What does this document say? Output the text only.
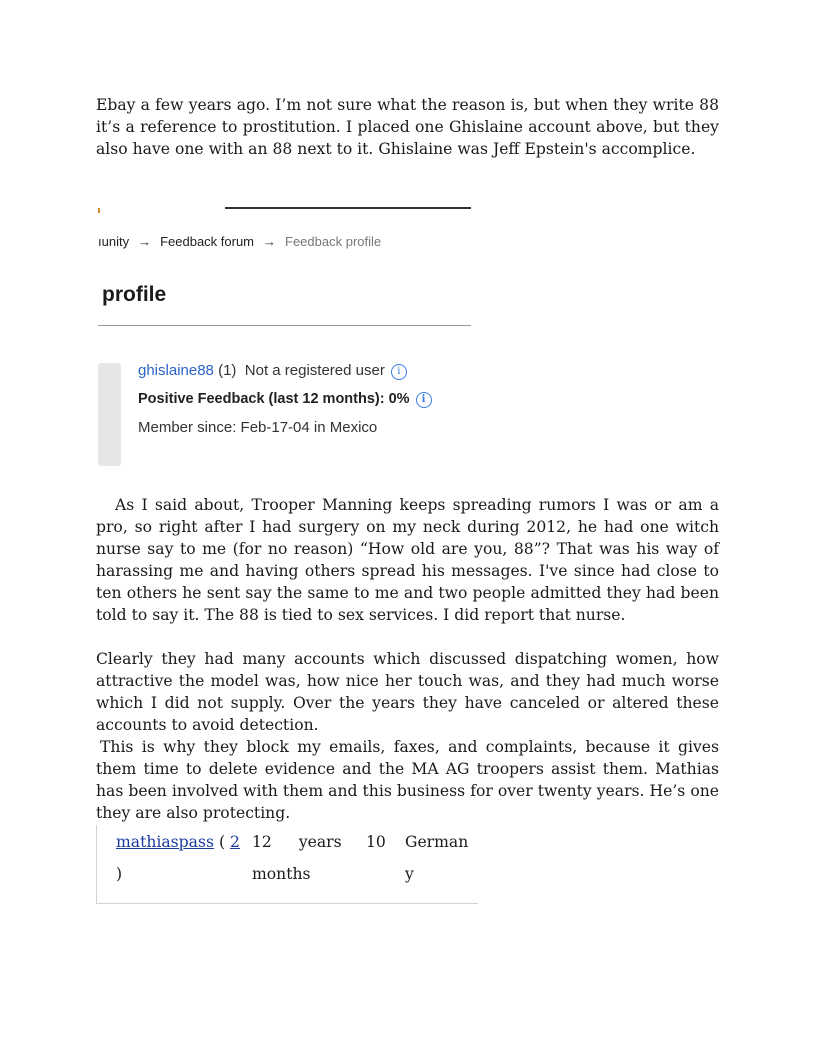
Ebay a few years ago. I’m not sure what the reason is, but when they write 88 it’s a reference to prostitution. I placed one Ghislaine account above, but they also have one with an 88 next to it. Ghislaine was Jeff Epstein's accomplice.

ıunity → Feedback forum → Feedback profile
profile
ghislaine88 (1) Not a registered user i
Positive Feedback (last 12 months): 0% i
Member since: Feb-17-04 in Mexico

As I said about, Trooper Manning keeps spreading rumors I was or am a pro, so right after I had surgery on my neck during 2012, he had one witch nurse say to me (for no reason) “How old are you, 88”? That was his way of harassing me and having others spread his messages. I've since had close to ten others he sent say the same to me and two people admitted they had been told to say it. The 88 is tied to sex services. I did report that nurse.

Clearly they had many accounts which discussed dispatching women, how attractive the model was, how nice her touch was, and they had much worse which I did not supply. Over the years they have canceled or altered these accounts to avoid detection.

This is why they block my emails, faxes, and complaints, because it gives them time to delete evidence and the MA AG troopers assist them. Mathias has been involved with them and this business for over twenty years. He’s one they are also protecting.

mathiaspass ( 2
)
12 years
months
10	German
y
